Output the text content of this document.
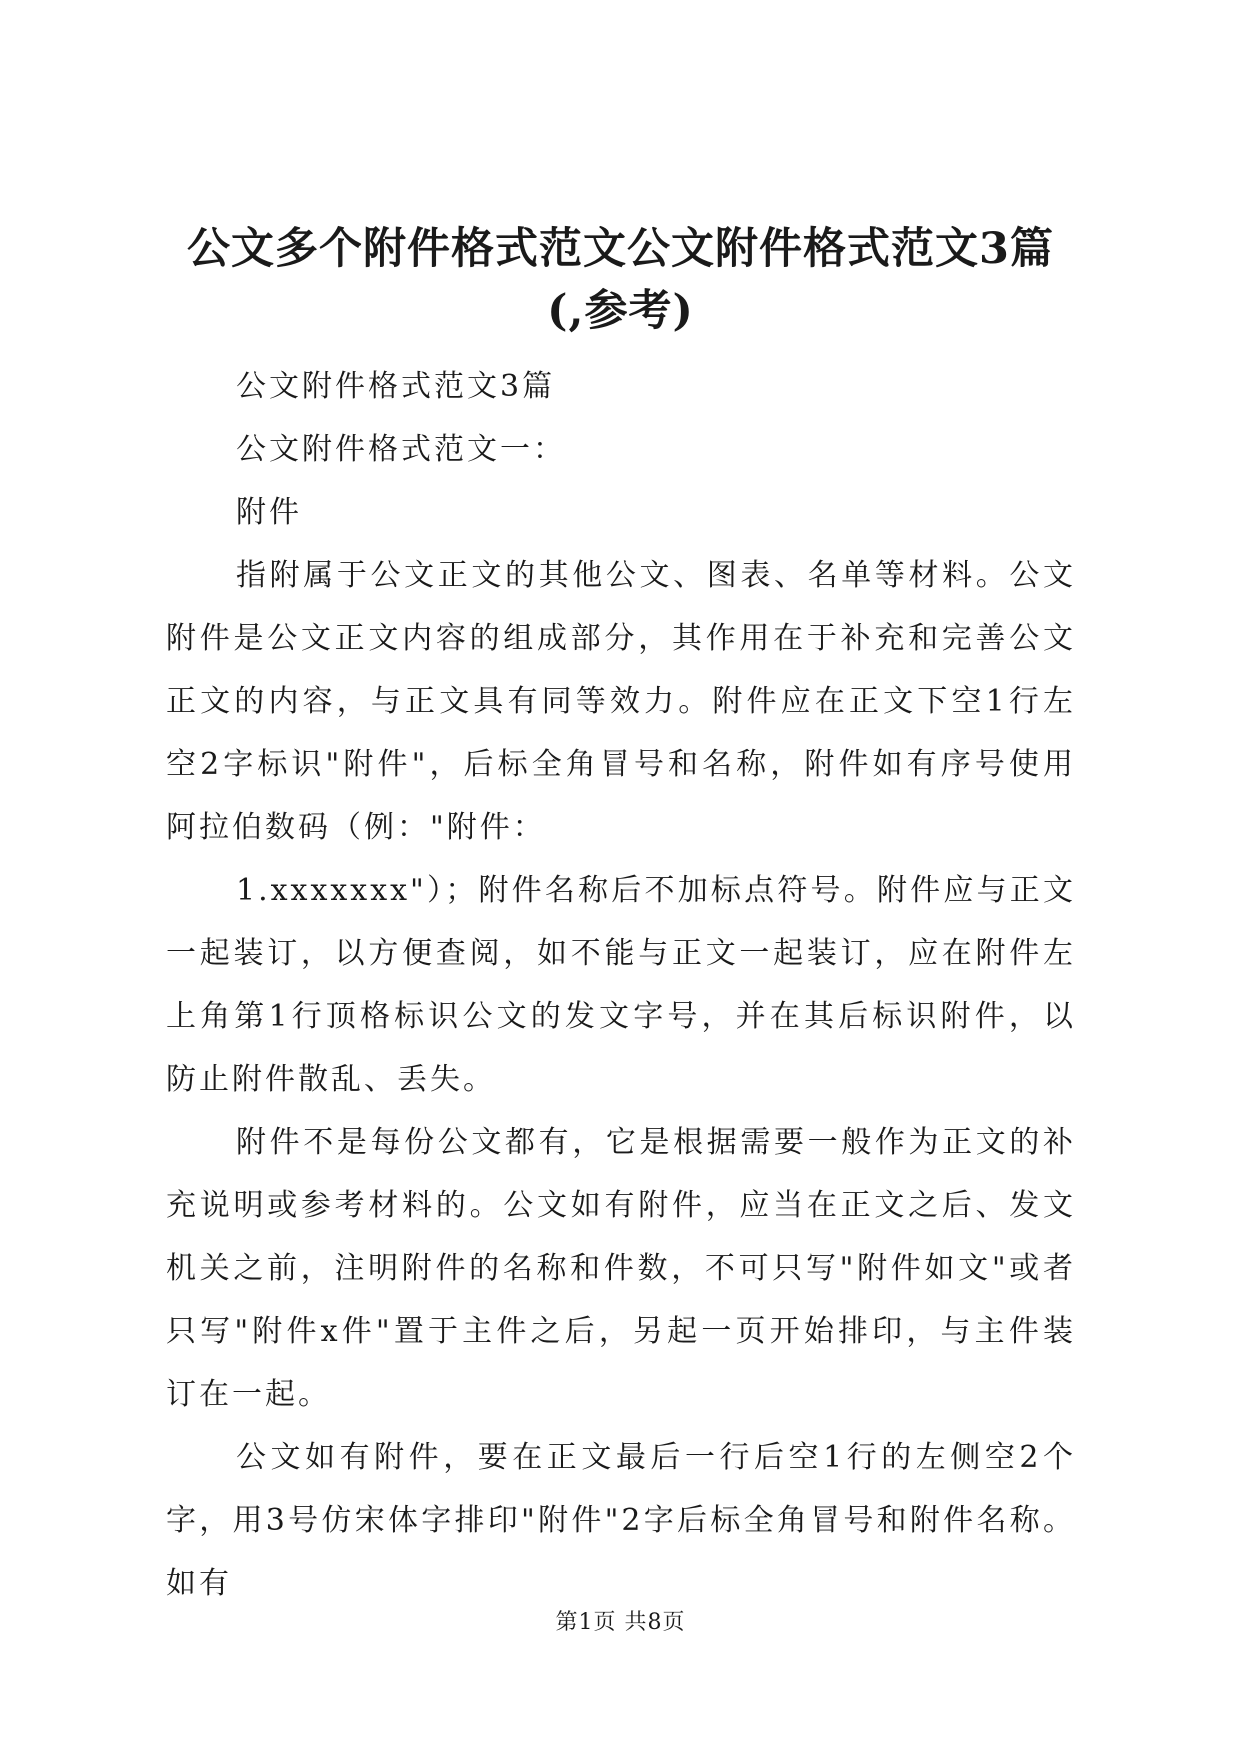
公文多个附件格式范文公文附件格式范文3篇
(,参考)

公文附件格式范文3篇

公文附件格式范文一：

附件

指附属于公文正文的其他公文、图表、名单等材料。公文附件是公文正文内容的组成部分，其作用在于补充和完善公文正文的内容，与正文具有同等效力。附件应在正文下空1行左空2字标识"附件"，后标全角冒号和名称，附件如有序号使用阿拉伯数码（例："附件：

1.xxxxxxx"）；附件名称后不加标点符号。附件应与正文一起装订，以方便查阅，如不能与正文一起装订，应在附件左上角第1行顶格标识公文的发文字号，并在其后标识附件，以防止附件散乱、丢失。

附件不是每份公文都有，它是根据需要一般作为正文的补充说明或参考材料的。公文如有附件，应当在正文之后、发文机关之前，注明附件的名称和件数，不可只写"附件如文"或者只写"附件x件"置于主件之后，另起一页开始排印，与主件装订在一起。

公文如有附件，要在正文最后一行后空1行的左侧空2个字，用3号仿宋体字排印"附件"2字后标全角冒号和附件名称。如有

第1页 共8页
